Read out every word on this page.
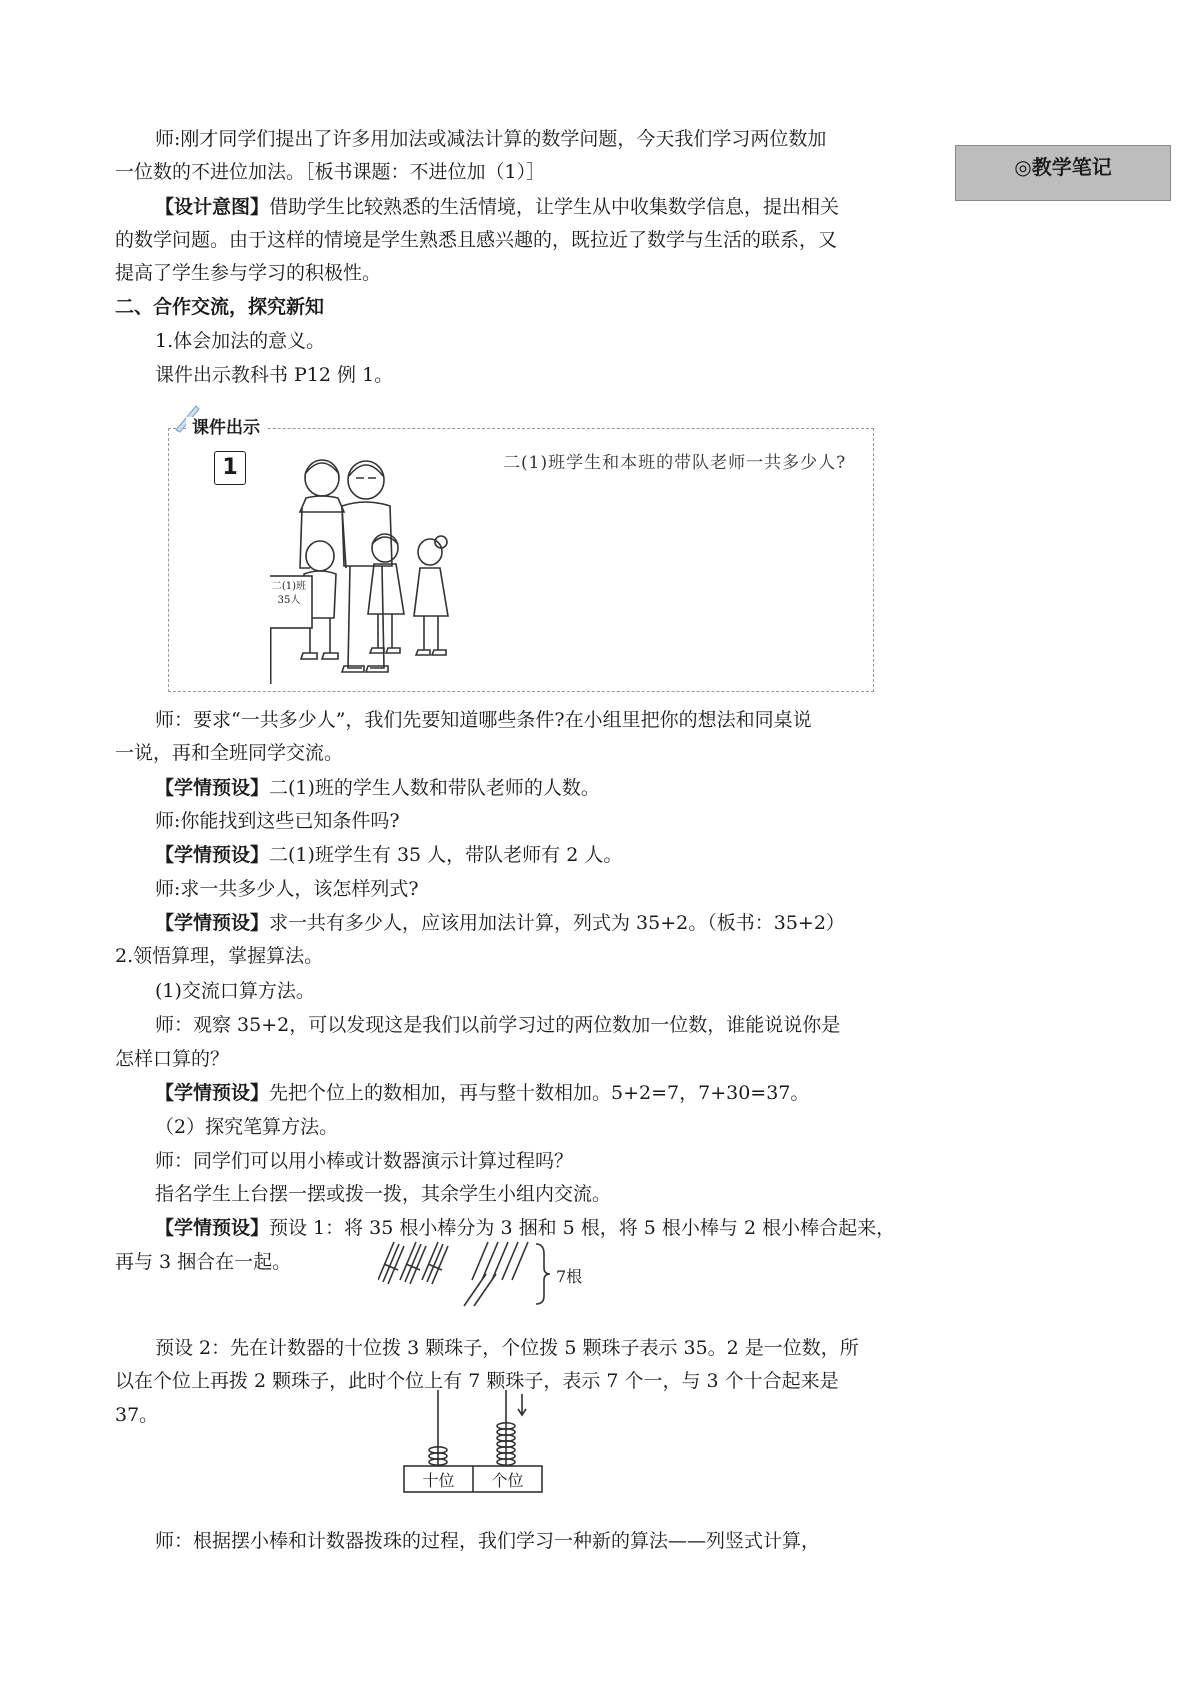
◎教学笔记
师:刚才同学们提出了许多用加法或减法计算的数学问题，今天我们学习两位数加
一位数的不进位加法。［板书课题：不进位加（1）］
【设计意图】借助学生比较熟悉的生活情境，让学生从中收集数学信息，提出相关
的数学问题。由于这样的情境是学生熟悉且感兴趣的，既拉近了数学与生活的联系，又
提高了学生参与学习的积极性。
二、合作交流，探究新知
1.体会加法的意义。
课件出示教科书 P12 例 1。
课件出示
1	二(1)班学生和本班的带队老师一共多少人?
二(1)班
35人
师：要求“一共多少人”，我们先要知道哪些条件?在小组里把你的想法和同桌说
一说，再和全班同学交流。
【学情预设】二(1)班的学生人数和带队老师的人数。
师:你能找到这些已知条件吗?
【学情预设】二(1)班学生有 35 人，带队老师有 2 人。
师:求一共多少人，该怎样列式?
【学情预设】求一共有多少人，应该用加法计算，列式为 35+2。（板书：35+2）
2.领悟算理，掌握算法。
(1)交流口算方法。
师：观察 35+2，可以发现这是我们以前学习过的两位数加一位数，谁能说说你是
怎样口算的？
【学情预设】先把个位上的数相加，再与整十数相加。5+2=7，7+30=37。
（2）探究笔算方法。
师：同学们可以用小棒或计数器演示计算过程吗？
指名学生上台摆一摆或拨一拨，其余学生小组内交流。
【学情预设】预设 1：将 35 根小棒分为 3 捆和 5 根，将 5 根小棒与 2 根小棒合起来，
再与 3 捆合在一起。
7根
预设 2：先在计数器的十位拨 3 颗珠子，个位拨 5 颗珠子表示 35。2 是一位数，所
以在个位上再拨 2 颗珠子，此时个位上有 7 颗珠子，表示 7 个一，与 3 个十合起来是
37。
十位	个位
师：根据摆小棒和计数器拨珠的过程，我们学习一种新的算法——列竖式计算，
